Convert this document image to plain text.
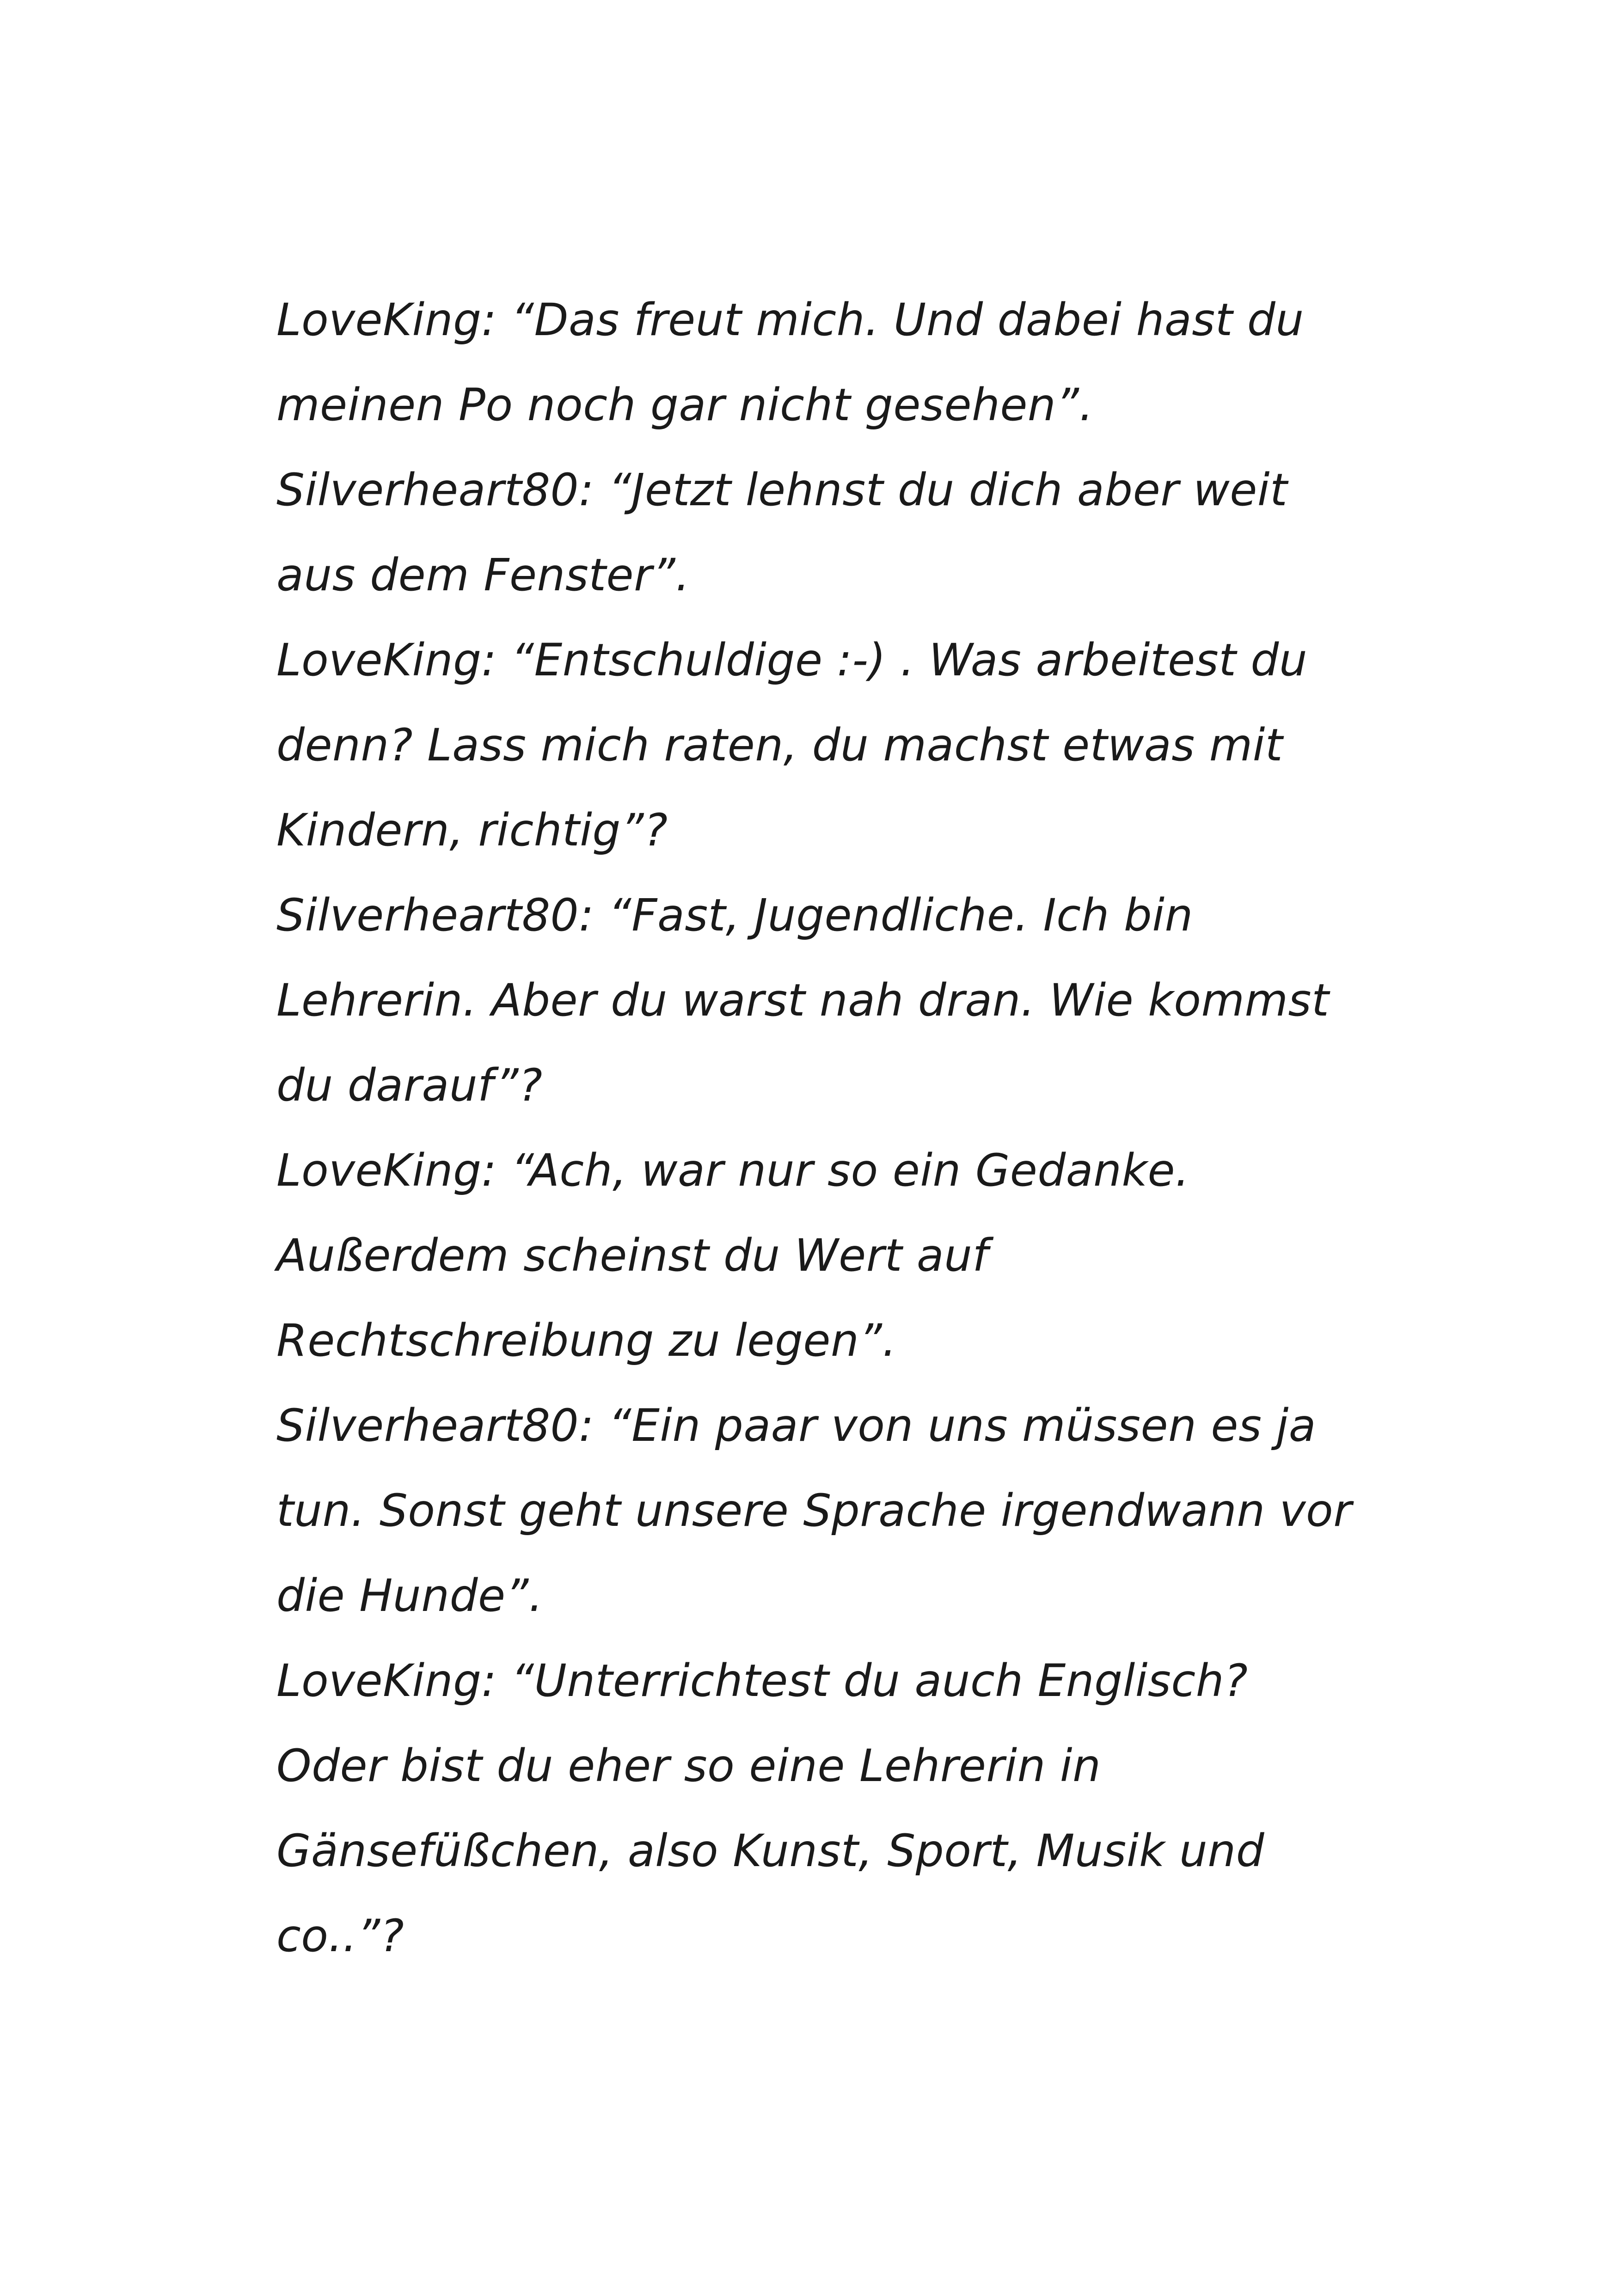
LoveKing: “Das freut mich. Und dabei hast du
meinen Po noch gar nicht gesehen”.
Silverheart80: “Jetzt lehnst du dich aber weit
aus dem Fenster”.
LoveKing: “Entschuldige :-) . Was arbeitest du
denn? Lass mich raten, du machst etwas mit
Kindern, richtig”?
Silverheart80: “Fast, Jugendliche. Ich bin
Lehrerin. Aber du warst nah dran. Wie kommst
du darauf”?
LoveKing: “Ach, war nur so ein Gedanke.
Außerdem scheinst du Wert auf
Rechtschreibung zu legen”.
Silverheart80: “Ein paar von uns müssen es ja
tun. Sonst geht unsere Sprache irgendwann vor
die Hunde”.
LoveKing: “Unterrichtest du auch Englisch?
Oder bist du eher so eine Lehrerin in
Gänsefüßchen, also Kunst, Sport, Musik und
co..”?
